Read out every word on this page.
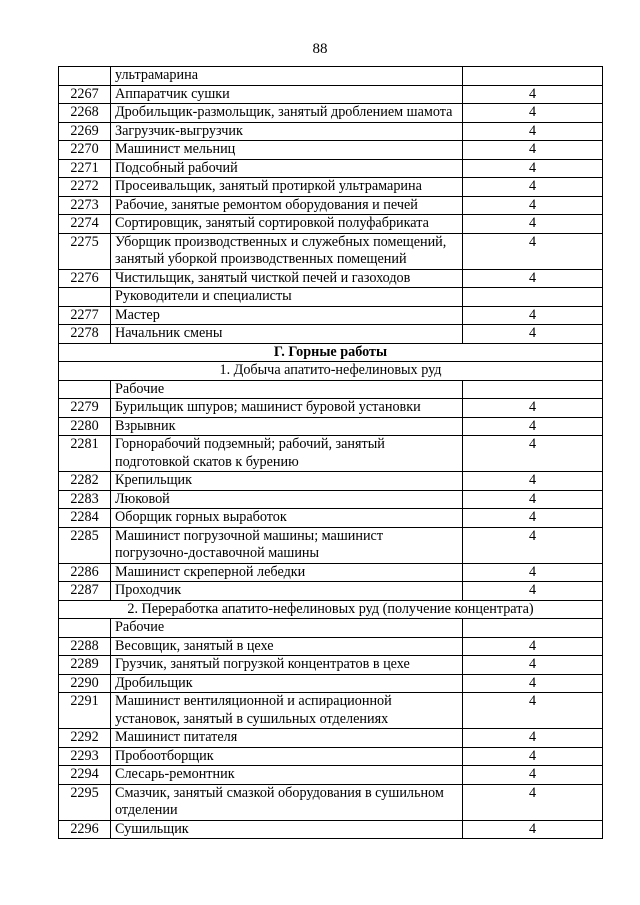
88
	ультрамарина	
2267	Аппаратчик сушки	4
2268	Дробильщик-размольщик, занятый дроблением шамота	4
2269	Загрузчик-выгрузчик	4
2270	Машинист мельниц	4
2271	Подсобный рабочий	4
2272	Просеивальщик, занятый протиркой ультрамарина	4
2273	Рабочие, занятые ремонтом оборудования и печей	4
2274	Сортировщик, занятый сортировкой полуфабриката	4
2275	Уборщик производственных и служебных помещений, занятый уборкой производственных помещений	4
2276	Чистильщик, занятый чисткой печей и газоходов	4
	Руководители и специалисты	
2277	Мастер	4
2278	Начальник смены	4
Г. Горные работы		
1. Добыча апатито-нефелиновых руд		
	Рабочие	
2279	Бурильщик шпуров; машинист буровой установки	4
2280	Взрывник	4
2281	Горнорабочий подземный; рабочий, занятый подготовкой скатов к бурению	4
2282	Крепильщик	4
2283	Люковой	4
2284	Оборщик горных выработок	4
2285	Машинист погрузочной машины; машинист погрузочно-доставочной машины	4
2286	Машинист скреперной лебедки	4
2287	Проходчик	4
2. Переработка апатито-нефелиновых руд (получение концентрата)		
	Рабочие	
2288	Весовщик, занятый в цехе	4
2289	Грузчик, занятый погрузкой концентратов в цехе	4
2290	Дробильщик	4
2291	Машинист вентиляционной и аспирационной установок, занятый в сушильных отделениях	4
2292	Машинист питателя	4
2293	Пробоотборщик	4
2294	Слесарь-ремонтник	4
2295	Смазчик, занятый смазкой оборудования в сушильном отделении	4
2296	Сушильщик	4
